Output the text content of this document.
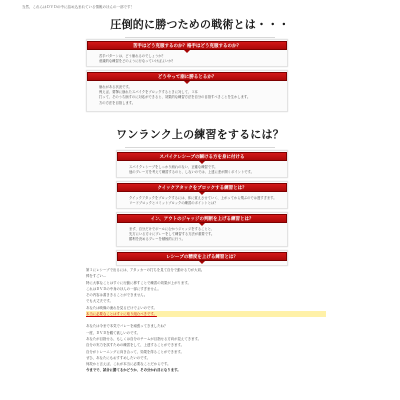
当然、これらはＤＶＤの中に詰め込まれている情報のほんの一部です！
圧倒的に勝つための戦術とは・・・
苦手はどう克服するのか？格手はどう克服するのか？
苦手パターンは、どう崩れるのでしょうか？
意識的な練習をどのように行なっていけばよいか？
どうやって崩に勝るとるか？
崩れがある状況です。
例えば、要撃に崩れたスパイクをブロックするときに対して、３本
打って、そのうち崩すのに対応ができると、効果的な練習方法を自分の目指すべきことを生かします。
方の方法を目指します。
ワンランク上の練習をするには？
スパイクレシーブの瞬ける方を身に付ける
スパイクレシーブをしっかり崩れのない、正確な練習です。
他のプレー方を考えて練習するのと、しないのでは、上達に差が開くポイントです。
クイックアタックをブロックする練習とは？
クイックアタックをブロックするには、体に覚えさせていく、上がってから飛ぶのでは遅すぎます。
リードブロックとコミットブロックの練習のポイントとは？
イン、アウトのジャッジの判断を上げる練習とは？
まず、自分だけでボールにむかうジャッジをすることと、
先方にいる方々にプレーをして練習する方法が重要です。
勝利を決めるプレーを積極的に行う。
レシーブの精度を上げる練習とは？
第１にレシーブで出るには、アタッカーの打ちを見て自分で動ける力が大切。
棒をすごい…
特に大事なことはすぐに行動に移すことで練習の効果が上がります。
これはＤＶＤの中身のほんの一部にすぎません。
その内容は書ききることができません。
でも大丈夫です。
あなたは映像の流れを見るだけでよいのです。
本当に必要なことはすぐに取り組むべきです。
あなたは今まで本気でバレーを頑張ってきましたね？
一度、ＤＶＤを観て欲しいのです。
あなたが目指せる、もしくは自分のチームが目指せる方向が見えてきます。
自分の実力を試すための練習をして、上達することができます。
自分がトレーニングに向き合って、効果を得ることができます。
ぜひ、あなたにもおすすめしたいのです。
何故かと言えば、これが本当に必要なことだからです。
今までで、試合に勝てるかどうか、その分かれ目になります。
